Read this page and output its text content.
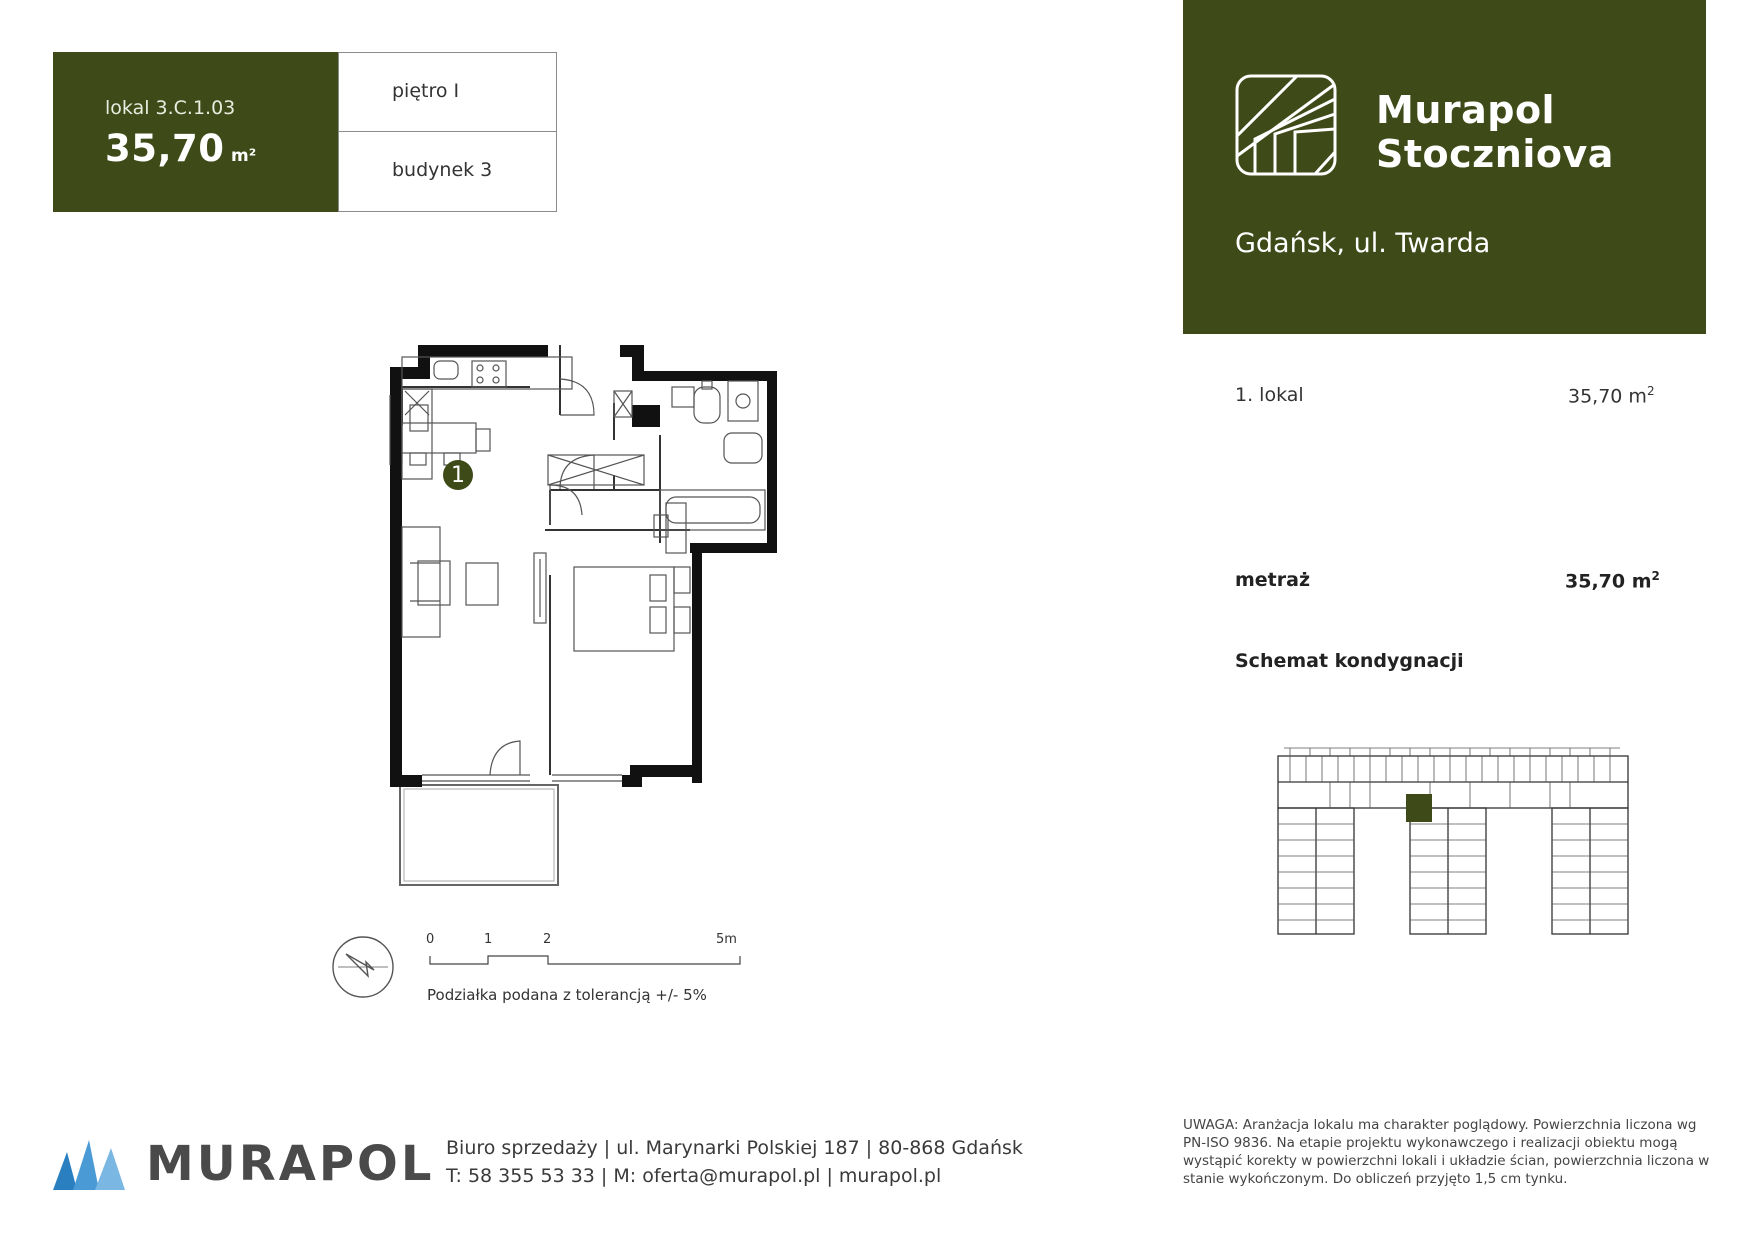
lokal 3.C.1.03
35,70 m²
piętro I
budynek 3
Murapol
Stoczniova
Gdańsk, ul. Twarda
1. lokal	35,70 $m^2$
metraż	35,70 $m^2$
Schemat kondygnacji
1
0	1	2	5m
Podziałka podana z tolerancją +/- 5%
MURAPOL Biuro sprzedaży | ul. Marynarki Polskiej 187 | 80-868 Gdańsk
T: 58 355 53 33 | M: oferta@murapol.pl | murapol.pl
UWAGA: Aranżacja lokalu ma charakter poglądowy. Powierzchnia liczona wg PN-ISO 9836. Na etapie projektu wykonawczego i realizacji obiektu mogą wystąpić korekty w powierzchni lokali i układzie ścian, powierzchnia liczona w stanie wykończonym. Do obliczeń przyjęto 1,5 cm tynku.
